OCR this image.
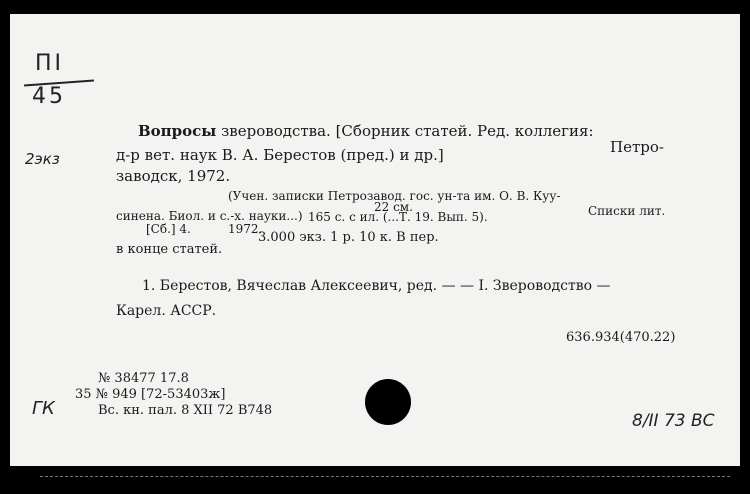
ПI
45
2экз
Вопросы звероводства. [Сборник статей. Ред. коллегия:
д-р вет. наук В. А. Берестов (пред.) и др.]	Петро-
заводск, 1972.
(Учен. записки Петрозавод. гос. ун-та им. О. В. Куу-
синена. Биол. и с.-х. науки...)
22 см.
[Сб.] 4.	1972.
165 с. с ил. (...Т. 19. Вып. 5).	Списки лит.
в конце статей.
3.000 экз. 1 р. 10 к. В пер.
1. Берестов, Вячеслав Алексеевич, ред. — — I. Звероводство —
Карел. АССР.
636.934(470.22)
№ 38477 17.8
35 № 949 [72-53403ж]
Вс. кн. пал. 8 XII 72 В748
ГК
8/II 73 BC
